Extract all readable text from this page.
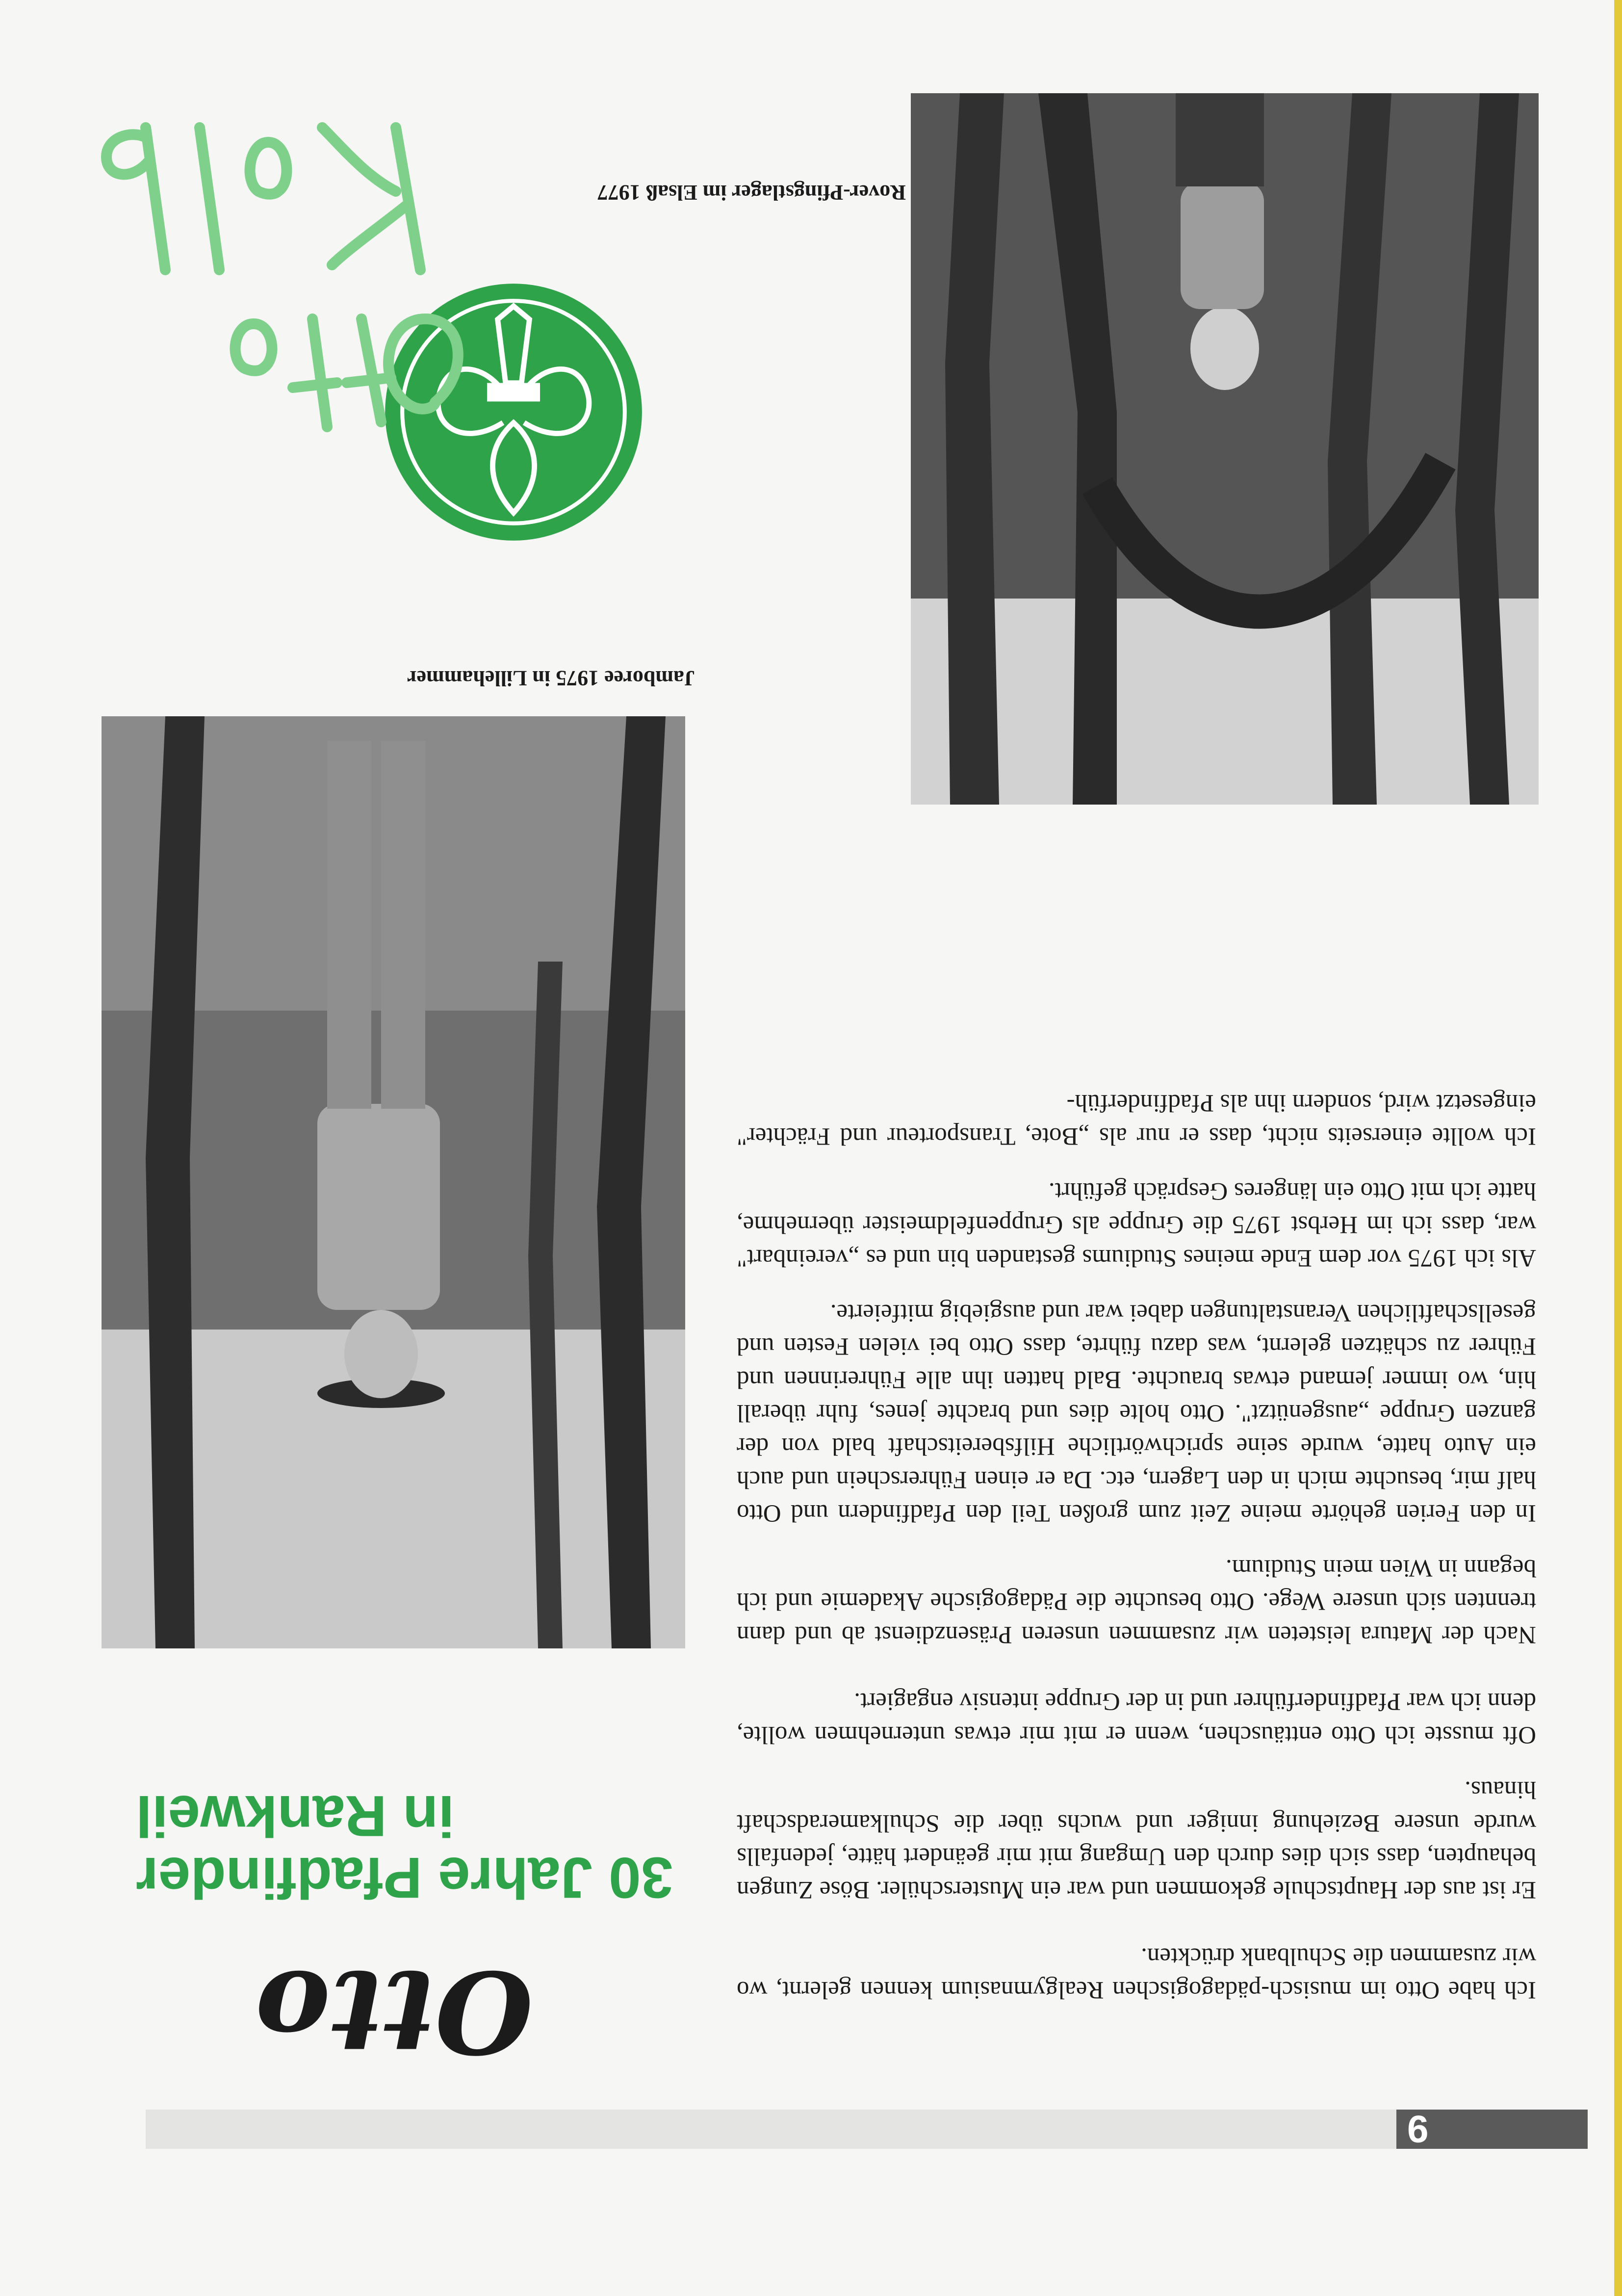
9

Ich habe Otto im musisch-pädagogischen Realgymnasium kennen gelernt, wo wir zusammen die Schulbank drückten.

Er ist aus der Hauptschule gekommen und war ein Musterschüler. Böse Zungen behaupten, dass sich dies durch den Umgang mit mir geändert hätte, jedenfalls wurde unsere Beziehung inniger und wuchs über die Schulkameradschaft hinaus.

Oft musste ich Otto enttäuschen, wenn er mit mir etwas unternehmen wollte, denn ich war Pfadfinderführer und in der Gruppe intensiv engagiert.

Nach der Matura leisteten wir zusammen unseren Präsenzdienst ab und dann trennten sich unsere Wege. Otto besuchte die Pädagogische Akademie und ich begann in Wien mein Studium.

In den Ferien gehörte meine Zeit zum großen Teil den Pfadfindern und Otto half mir, besuchte mich in den Lagern, etc. Da er einen Führerschein und auch ein Auto hatte, wurde seine sprichwörtliche Hilfsbereitschaft bald von der ganzen Gruppe „ausgenützt". Otto holte dies und brachte jenes, fuhr überall hin, wo immer jemand etwas brauchte. Bald hatten ihn alle Führerinnen und Führer zu schätzen gelernt, was dazu führte, dass Otto bei vielen Festen und gesellschaftlichen Veranstaltungen dabei war und ausgiebig mitfeierte.

Als ich 1975 vor dem Ende meines Studiums gestanden bin und es „vereinbart" war, dass ich im Herbst 1975 die Gruppe als Gruppenfeldmeister übernehme, hatte ich mit Otto ein längeres Gespräch geführt.

Ich wollte einerseits nicht, dass er nur als „Bote, Transporteur und Frächter" eingesetzt wird, sondern ihn als Pfadfinderfüh-

Otto
30 Jahre Pfadfinder
in Rankweil
Jamboree 1975 in Lillehammer
Rover-Pfingstlager im Elsaß 1977
